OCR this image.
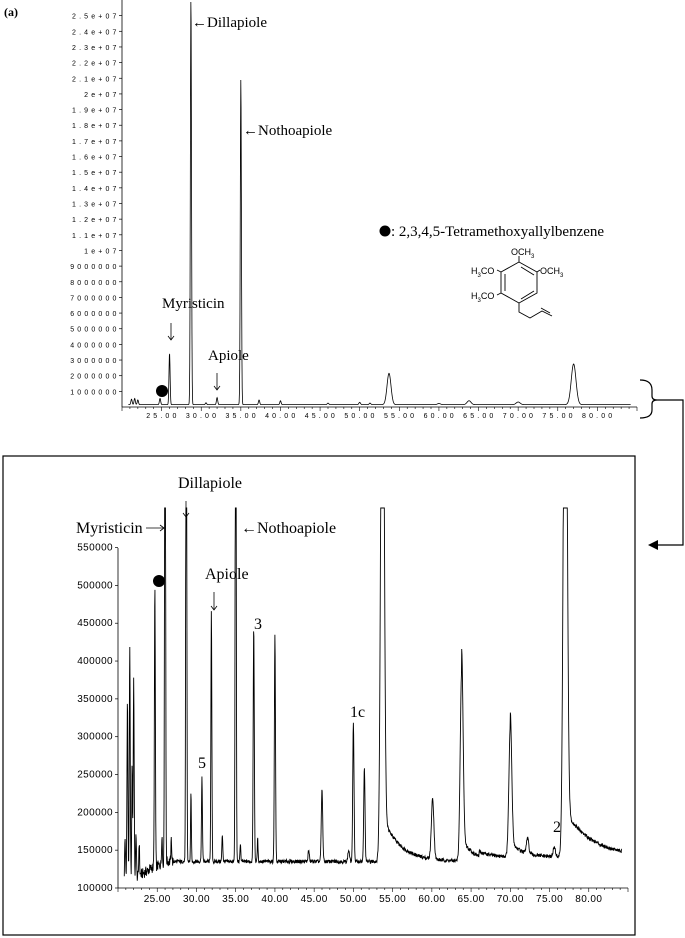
(a)
1 0 0 0 0 0 0
2 0 0 0 0 0 0
3 0 0 0 0 0 0
4 0 0 0 0 0 0
5 0 0 0 0 0 0
6 0 0 0 0 0 0
7 0 0 0 0 0 0
8 0 0 0 0 0 0
9 0 0 0 0 0 0
1 e + 0 7
1 . 1 e + 0 7
1 . 2 e + 0 7
1 . 3 e + 0 7
1 . 4 e + 0 7
1 . 5 e + 0 7
1 . 6 e + 0 7
1 . 7 e + 0 7
1 . 8 e + 0 7
1 . 9 e + 0 7
2 e + 0 7
2 . 1 e + 0 7
2 . 2 e + 0 7
2 . 3 e + 0 7
2 . 4 e + 0 7
2 . 5 e + 0 7
2 5 . 0 0 3 0 . 0 0 3 5 . 0 0 4 0 . 0 0 4 5 . 0 0 5 0 . 0 0 5 5 . 0 0 6 0 . 0 0 6 5 . 0 0 7 0 . 0 0 7 5 . 0 0 8 0 . 0 0
←Dillapiole
←Nothoapiole
Myristicin
Apiole
: 2,3,4,5-Tetramethoxyallylbenzene
$OCH_3$
$H_3CO$	$OCH_3$
$H_3CO$
100000
150000
200000
250000
300000
350000
400000
450000
500000
550000
25.00 30.00 35.00 40.00 45.00 50.00 55.00 60.00 65.00 70.00 75.00 80.00
Dillapiole
Myristicin	←Nothoapiole
Apiole
3
5
1c
2
